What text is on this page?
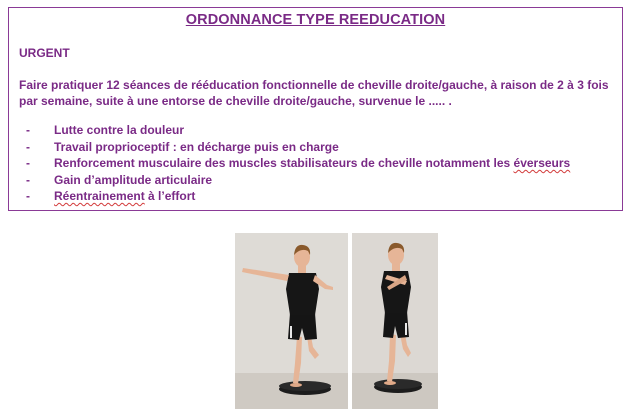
ORDONNANCE TYPE REEDUCATION
URGENT
Faire pratiquer 12 séances de rééducation fonctionnelle de cheville droite/gauche, à raison de 2 à 3 fois par semaine, suite à une entorse de cheville droite/gauche, survenue le ..... .
- Lutte contre la douleur
- Travail proprioceptif : en décharge puis en charge
- Renforcement musculaire des muscles stabilisateurs de cheville notamment les éverseurs
- Gain d’amplitude articulaire
- Réentrainement à l’effort
